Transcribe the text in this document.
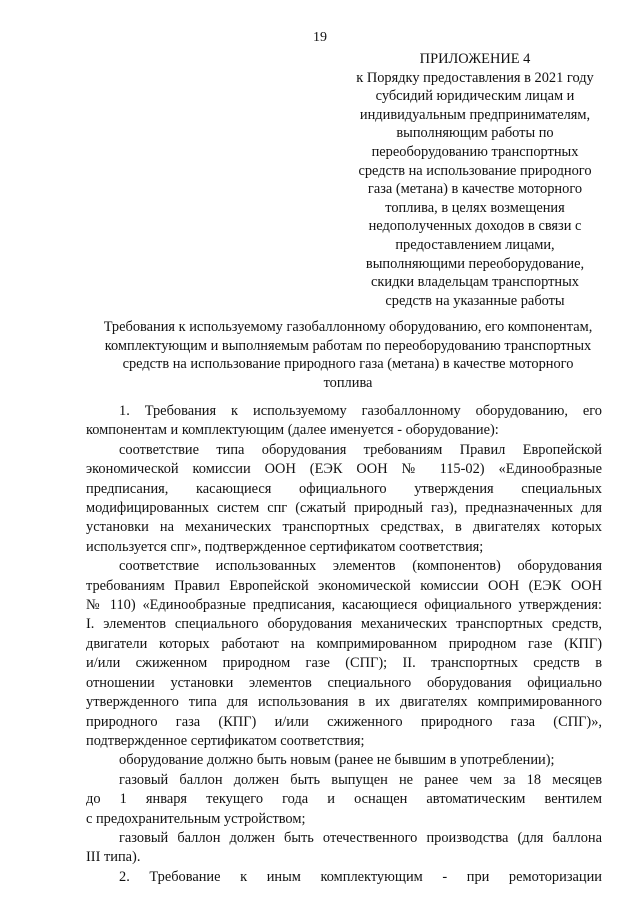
19
ПРИЛОЖЕНИЕ 4
к Порядку предоставления в 2021 году
субсидий юридическим лицам и
индивидуальным предпринимателям,
выполняющим работы по
переоборудованию транспортных
средств на использование природного
газа (метана) в качестве моторного
топлива, в целях возмещения
недополученных доходов в связи с
предоставлением лицами,
выполняющими переоборудование,
скидки владельцам транспортных
средств на указанные работы
Требования к используемому газобаллонному оборудованию, его компонентам,
комплектующим и выполняемым работам по переоборудованию транспортных
средств на использование природного газа (метана) в качестве моторного
топлива

1. Требования к используемому газобаллонному оборудованию, его
компонентам и комплектующим (далее именуется - оборудование):

соответствие типа оборудования требованиям Правил Европейской
экономической комиссии ООН (ЕЭК ООН № 115-02) «Единообразные
предписания, касающиеся официального утверждения специальных
модифицированных систем спг (сжатый природный газ), предназначенных для
установки на механических транспортных средствах, в двигателях которых
используется спг», подтвержденное сертификатом соответствия;

соответствие использованных элементов (компонентов) оборудования
требованиям Правил Европейской экономической комиссии ООН (ЕЭК ООН
№ 110) «Единообразные предписания, касающиеся официального утверждения:
I. элементов специального оборудования механических транспортных средств,
двигатели которых работают на компримированном природном газе (КПГ)
и/или сжиженном природном газе (СПГ); II. транспортных средств в
отношении установки элементов специального оборудования официально
утвержденного типа для использования в их двигателях компримированного
природного газа (КПГ) и/или сжиженного природного газа (СПГ)»,
подтвержденное сертификатом соответствия;

оборудование должно быть новым (ранее не бывшим в употреблении);

газовый баллон должен быть выпущен не ранее чем за 18 месяцев
до 1 января текущего года и оснащен автоматическим вентилем
с предохранительным устройством;

газовый баллон должен быть отечественного производства (для баллона
III типа).

2. Требование к иным комплектующим - при ремоторизации
